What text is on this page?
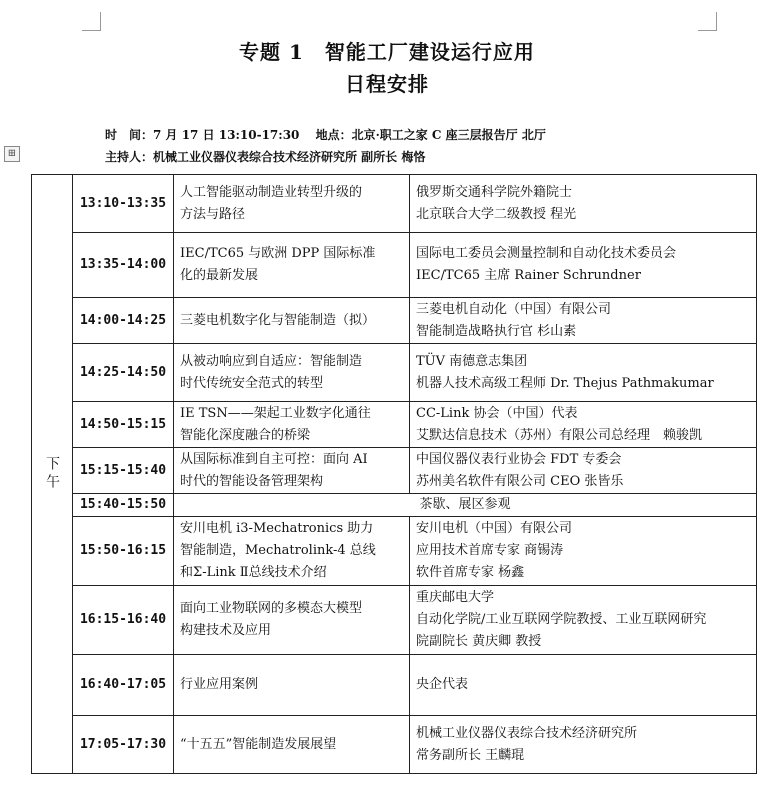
专题 1　智能工厂建设运行应用
日程安排
时　间：7 月 17 日 13:10-17:30　 地点：北京·职工之家 C 座三层报告厅 北厅
主持人：机械工业仪器仪表综合技术经济研究所 副所长 梅恪
⊞
下午	13:10-13:35	人工智能驱动制造业转型升级的
方法与路径	俄罗斯交通科学院外籍院士
北京联合大学二级教授 程光

	13:35-14:00	IEC/TC65 与欧洲 DPP 国际标准
化的最新发展	国际电工委员会测量控制和自动化技术委员会
IEC/TC65 主席 Rainer Schrundner

	14:00-14:25	三菱电机数字化与智能制造（拟）	三菱电机自动化（中国）有限公司
智能制造战略执行官 杉山素

	14:25-14:50	从被动响应到自适应：智能制造
时代传统安全范式的转型	TÜV 南德意志集团
机器人技术高级工程师 Dr. Thejus Pathmakumar

	14:50-15:15	IE TSN——架起工业数字化通往
智能化深度融合的桥梁	CC-Link 协会（中国）代表
艾默达信息技术（苏州）有限公司总经理　赖骏凯

	15:15-15:40	从国际标准到自主可控：面向 AI
时代的智能设备管理架构	中国仪器仪表行业协会 FDT 专委会
苏州美名软件有限公司 CEO 张皆乐

	15:40-15:50	茶歇、展区参观	
	15:50-16:15	安川电机 i3-Mechatronics 助力
智能制造，Mechatrolink-4 总线
和Σ-Link Ⅱ总线技术介绍	安川电机（中国）有限公司
应用技术首席专家 商锡涛
软件首席专家 杨鑫

	16:15-16:40	面向工业物联网的多模态大模型
构建技术及应用	重庆邮电大学
自动化学院/工业互联网学院教授、工业互联网研究
院副院长 黄庆卿 教授

	16:40-17:05	行业应用案例	央企代表

	17:05-17:30	“十五五”智能制造发展展望	机械工业仪器仪表综合技术经济研究所
常务副所长 王麟琨
